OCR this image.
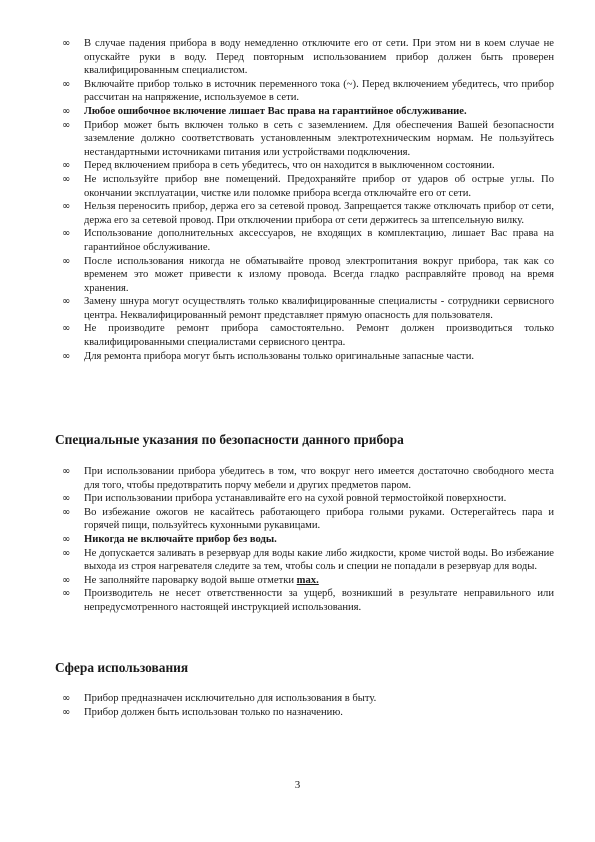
∞ В случае падения прибора в воду немедленно отключите его от сети. При этом ни в коем случае не опускайте руки в воду. Перед повторным использованием прибор должен быть проверен квалифицированным специалистом.
∞ Включайте прибор только в источник переменного тока (~). Перед включением убедитесь, что прибор рассчитан на напряжение, используемое в сети.
∞ Любое ошибочное включение лишает Вас права на гарантийное обслуживание.
∞ Прибор может быть включен только в сеть с заземлением. Для обеспечения Вашей безопасности заземление должно соответствовать установленным электротехническим нормам. Не пользуйтесь нестандартными источниками питания или устройствами подключения.
∞ Перед включением прибора в сеть убедитесь, что он находится в выключенном состоянии.
∞ Не используйте прибор вне помещений. Предохраняйте прибор от ударов об острые углы. По окончании эксплуатации, чистке или поломке прибора всегда отключайте его от сети.
∞ Нельзя переносить прибор, держа его за сетевой провод. Запрещается также отключать прибор от сети, держа его за сетевой провод. При отключении прибора от сети держитесь за штепсельную вилку.
∞ Использование дополнительных аксессуаров, не входящих в комплектацию, лишает Вас права на гарантийное обслуживание.
∞ После использования никогда не обматывайте провод электропитания вокруг прибора, так как со временем это может привести к излому провода. Всегда гладко расправляйте провод на время хранения.
∞ Замену шнура могут осуществлять только квалифицированные специалисты - сотрудники сервисного центра. Неквалифицированный ремонт представляет прямую опасность для пользователя.
∞ Не производите ремонт прибора самостоятельно. Ремонт должен производиться только квалифицированными специалистами сервисного центра.
∞ Для ремонта прибора могут быть использованы только оригинальные запасные части.
Специальные указания по безопасности данного прибора
∞ При использовании прибора убедитесь в том, что вокруг него имеется достаточно свободного места для того, чтобы предотвратить порчу мебели и других предметов паром.
∞ При использовании прибора устанавливайте его на сухой ровной термостойкой поверхности.
∞ Во избежание ожогов не касайтесь работающего прибора голыми руками. Остерегайтесь пара и горячей пищи, пользуйтесь кухонными рукавицами.
∞ Никогда не включайте прибор без воды.
∞ Не допускается заливать в резервуар для воды какие либо жидкости, кроме чистой воды. Во избежание выхода из строя нагревателя следите за тем, чтобы соль и специи не попадали в резервуар для воды.
∞ Не заполняйте пароварку водой выше отметки max.
∞ Производитель не несет ответственности за ущерб, возникший в результате неправильного или непредусмотренного настоящей инструкцией использования.
Сфера использования
∞ Прибор предназначен исключительно для использования в быту.
∞ Прибор должен быть использован только по назначению.
3
